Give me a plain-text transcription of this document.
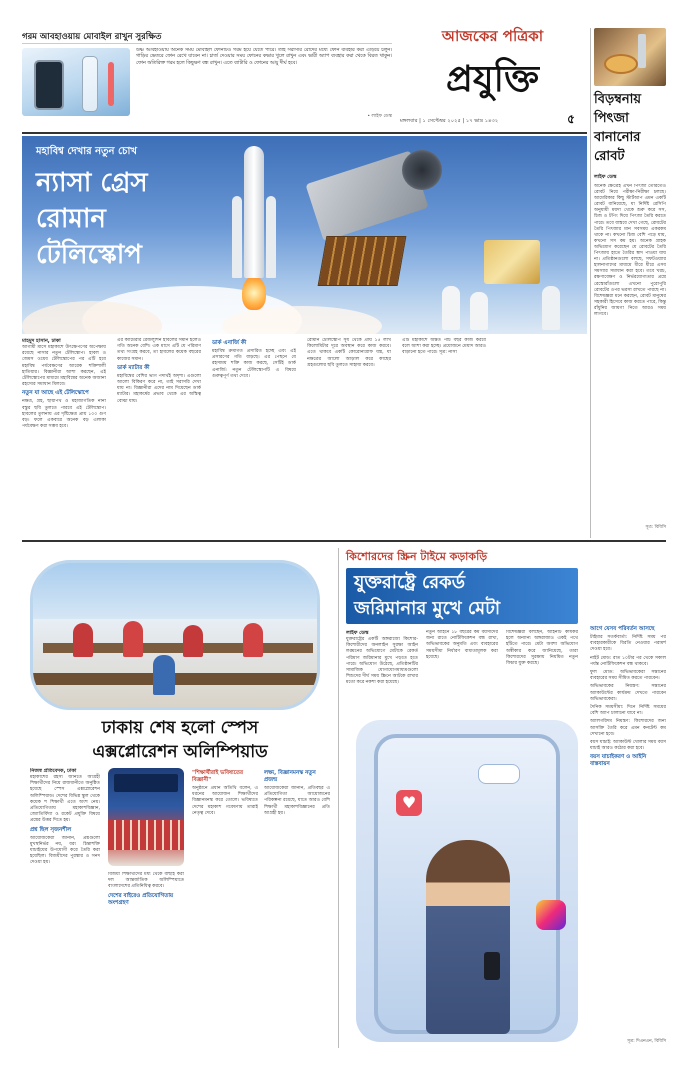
গরম আবহাওয়ায় মোবাইল রাখুন সুরক্ষিত
উষ্ণ আবহাওয়ায় অনেক সময় মোবাইল ফোনটিও গরম হয়ে যেতে পারে। তাই সরাসরি রোদের মধ্যে ফোন ব্যবহার করা এড়িয়ে চলুন। গাড়ির ভেতরে ফোন রেখে যাবেন না। চার্জ দেওয়ার সময় ফোনের কভার খুলে রাখুন এবং ভারী অ্যাপ ব্যবহার করা থেকে বিরত থাকুন। ফোন অতিরিক্ত গরম হলে কিছুক্ষণ বন্ধ রাখুন। এতে ব্যাটারি ও ফোনের আয়ু দীর্ঘ হবে।
• লাইফ ডেস্ক
আজকের পত্রিকা
প্রযুক্তি
মঙ্গলবার | ১ সেপ্টেম্বর ২০২৫ | ১৭ ভাদ্র ১৪৩২	৫
বিড়ম্বনায় পিৎজা বানানোর রোবট
লাইফ ডেস্ক
অনেক ক্ষেত্রেই এখন পিৎজা তৈরিতেও রোবট নিয়ে পরীক্ষা-নিরীক্ষা চলছে। আমেরিকার কিছু স্টার্টআপ এমন একটি রোবট বানিয়েছে, যা নির্দিষ্ট রেসিপি অনুযায়ী ময়দা থেকে শুরু করে সস, চিজ ও টপিং দিয়ে পিৎজা তৈরি করতে পারে। তবে বাস্তবে দেখা গেছে, রোবটের তৈরি পিৎজার মান সবসময় একরকম থাকে না। কখনো চিজ বেশি পড়ে যায়, কখনো সস কম হয়। অনেক গ্রাহক অভিযোগ করেছেন যে রোবটের তৈরি পিৎজায় হাতে তৈরির স্বাদ পাওয়া যায় না। প্রতিষ্ঠানগুলো বলছে, সফটওয়্যার হালনাগাদের মাধ্যমে ধীরে ধীরে এসব সমস্যার সমাধান করা হবে। তবে খরচ, রক্ষণাবেক্ষণ ও নির্ভরযোগ্যতার প্রশ্নে রেস্তোরাঁগুলো এখনো পুরোপুরি রোবটের ওপর ভরসা রাখতে পারছে না। বিশেষজ্ঞরা মনে করছেন, রোবট মানুষের সহকারী হিসেবে কাজ করতে পারে, কিন্তু রাঁধুনির জায়গা নিতে আরও সময় লাগবে।
সূত্র: বিবিসি
মহাবিশ্ব দেখার নতুন চোখ
ন্যাসা গ্রেস
রোমান
টেলিস্কোপ
মাহমুদ হাসান, ঢাকা
আগামী মাসে মহাকাশে উৎক্ষেপণের অপেক্ষায় রয়েছে নাসার নতুন টেলিস্কোপ। হাবল ও জেমস ওয়েব টেলিস্কোপের পর এটি হবে মহাবিশ্ব পর্যবেক্ষণের আরেক শক্তিশালী হাতিয়ার। বিজ্ঞানীরা আশা করছেন, এই টেলিস্কোপের মাধ্যমে মহাবিশ্বের অনেক অজানা রহস্যের সমাধান মিলবে।
নতুন যা আছে এই টেলিস্কোপে
নক্ষত্র, গ্রহ, ছায়াপথ ও মহাজাগতিক নানা বস্তুর ছবি তুলতে পারবে এই টেলিস্কোপ। হাবলের তুলনায় এর দৃষ্টিক্ষেত্র প্রায় ১০০ গুণ বড়। ফলে একবারে অনেক বড় এলাকা পর্যবেক্ষণ করা সম্ভব হবে।
এর ক্যামেরার রেজল্যুশন হাবলের সমান হলেও গতি অনেক বেশি। এক মাসে এটি যে পরিমাণ তথ্য সংগ্রহ করবে, তা হাবলের কয়েক বছরের কাজের সমান।
ডার্ক ম্যাটার কী
মহাবিশ্বের বেশির ভাগ পদার্থই অদৃশ্য। এগুলো আলো বিকিরণ করে না, তাই সরাসরি দেখা যায় না। বিজ্ঞানীরা এদের নাম দিয়েছেন ডার্ক ম্যাটার। মহাকর্ষের প্রভাব থেকে এর অস্তিত্ব বোঝা যায়।
ডার্ক এনার্জি কী
মহাবিশ্ব ক্রমাগত প্রসারিত হচ্ছে এবং এই প্রসারণের গতি বাড়ছে। এর পেছনে যে রহস্যময় শক্তি কাজ করছে, সেটিই ডার্ক এনার্জি। নতুন টেলিস্কোপটি এ বিষয়ে গুরুত্বপূর্ণ তথ্য দেবে।
রোমান টেলিস্কোপ সূর্য থেকে প্রায় ১৫ লাখ কিলোমিটার দূরে অবস্থান করে কাজ করবে। এতে থাকবে একটি কোরোনাগ্রাফ যন্ত্র, যা নক্ষত্রের আলো আড়াল করে কাছের গ্রহগুলোর ছবি তুলতে সাহায্য করবে।
এটি মহাকাশে অন্তত পাঁচ বছর কাজ করবে বলে আশা করা হচ্ছে। প্রয়োজনে মেয়াদ আরও বাড়ানো হতে পারে। সূত্র: নাসা
ঢাকায় শেষ হলো স্পেস
এক্সপ্লোরেশন অলিম্পিয়াড
নিজস্ব প্রতিবেদক, ঢাকা
মহাকাশের রহস্য জানতে আগ্রহী শিক্ষার্থীদের নিয়ে রাজধানীতে অনুষ্ঠিত হয়েছে স্পেস এক্সপ্লোরেশন অলিম্পিয়াড। দেশের বিভিন্ন স্কুল থেকে কয়েক শ শিক্ষার্থী এতে অংশ নেয়। প্রতিযোগিতায় মহাকাশবিজ্ঞান, জ্যোতির্বিদ্যা ও রকেট প্রযুক্তি বিষয়ে প্রশ্নের উত্তর দিতে হয়।
প্রশ্ন ছিল সৃজনশীল
আয়োজকেরা জানান, প্রশ্নগুলো মুখস্থনির্ভর নয়, বরং চিন্তাশক্তি যাচাইয়ের উপযোগী করে তৈরি করা হয়েছিল। বিজয়ীদের পুরস্কার ও সনদ দেওয়া হয়।
বিজয়ী শিক্ষার্থীদের মধ্য থেকে বাছাই করা দল আন্তর্জাতিক অলিম্পিয়াডে বাংলাদেশের প্রতিনিধিত্ব করবে।
দেশের বাইরেও প্রতিযোগিতায় অংশগ্রহণ
"শিক্ষার্থীরাই ভবিষ্যতের বিজ্ঞানী"
অনুষ্ঠানে প্রধান অতিথি বলেন, এ ধরনের আয়োজন শিক্ষার্থীদের বিজ্ঞানমনস্ক করে তোলে। ভবিষ্যতে দেশের মহাকাশ গবেষণায় তারাই নেতৃত্ব দেবে।
লক্ষ্য, বিজ্ঞানমনস্ক নতুন প্রজন্ম
আয়োজকেরা জানান, প্রতিবছর এ প্রতিযোগিতা আয়োজনের পরিকল্পনা রয়েছে, যাতে আরও বেশি শিক্ষার্থী মহাকাশবিজ্ঞানের প্রতি আগ্রহী হয়।
কিশোরদের স্ক্রিন টাইমে কড়াকড়ি
যুক্তরাষ্ট্রে রেকর্ড
জরিমানার মুখে মেটা
লাইফ ডেস্ক
যুক্তরাষ্ট্রের একটি অঙ্গরাজ্যে কিশোর-কিশোরীদের অনলাইন সুরক্ষা আইন লঙ্ঘনের অভিযোগে মেটাকে রেকর্ড পরিমাণ জরিমানার মুখে পড়তে হতে পারে। অভিযোগ উঠেছে, প্রতিষ্ঠানটির সামাজিক যোগাযোগমাধ্যমগুলো শিশুদের দীর্ঘ সময় স্ক্রিনে আটকে রাখার মতো করে নকশা করা হয়েছে।
নতুন আইনে ১৮ বছরের কম বয়সীদের জন্য রাতে নোটিফিকেশন বন্ধ রাখা, অভিভাবকের অনুমতি এবং ব্যবহারের সময়সীমা নির্ধারণ বাধ্যতামূলক করা হয়েছে।
বিশেষজ্ঞরা বলছেন, আইনটি কার্যকর হলে অন্যান্য অঙ্গরাজ্যও একই পথে হাঁটতে পারে। মেটা অবশ্য অভিযোগ অস্বীকার করে জানিয়েছে, তারা কিশোরদের সুরক্ষায় নিয়মিত নতুন ফিচার যুক্ত করছে।
♥
আগে যেসব পরিবর্তন আসছে
টাইমার সতর্কবার্তা: নির্দিষ্ট সময় পর ব্যবহারকারীকে বিরতি নেওয়ার পরামর্শ দেওয়া হবে।
নাইট মোড: রাত ১০টার পর থেকে সকাল পর্যন্ত নোটিফিকেশন বন্ধ থাকবে।
ফুল মোড: অভিভাবকেরা সন্তানের ব্যবহারের সময় সীমিত করতে পারবেন।
অভিভাবকের নিয়ন্ত্রণ: সন্তানের অ্যাকাউন্টের কার্যক্রম দেখতে পারবেন অভিভাবকেরা।
দৈনিক সময়সীমা: দিনে নির্দিষ্ট সময়ের বেশি অ্যাপ চালানো যাবে না।
অ্যালগরিদম নিয়ন্ত্রণ: কিশোরদের জন্য আসক্তি তৈরি করে এমন কনটেন্ট কম দেখানো হবে।
বয়স যাচাই: অ্যাকাউন্ট খোলার সময় বয়স যাচাই আরও কঠোর করা হবে।
বয়স যাচাইকরণ ও আইনি বাস্তবায়ন
সূত্র: দিএনএন, বিবিসি
